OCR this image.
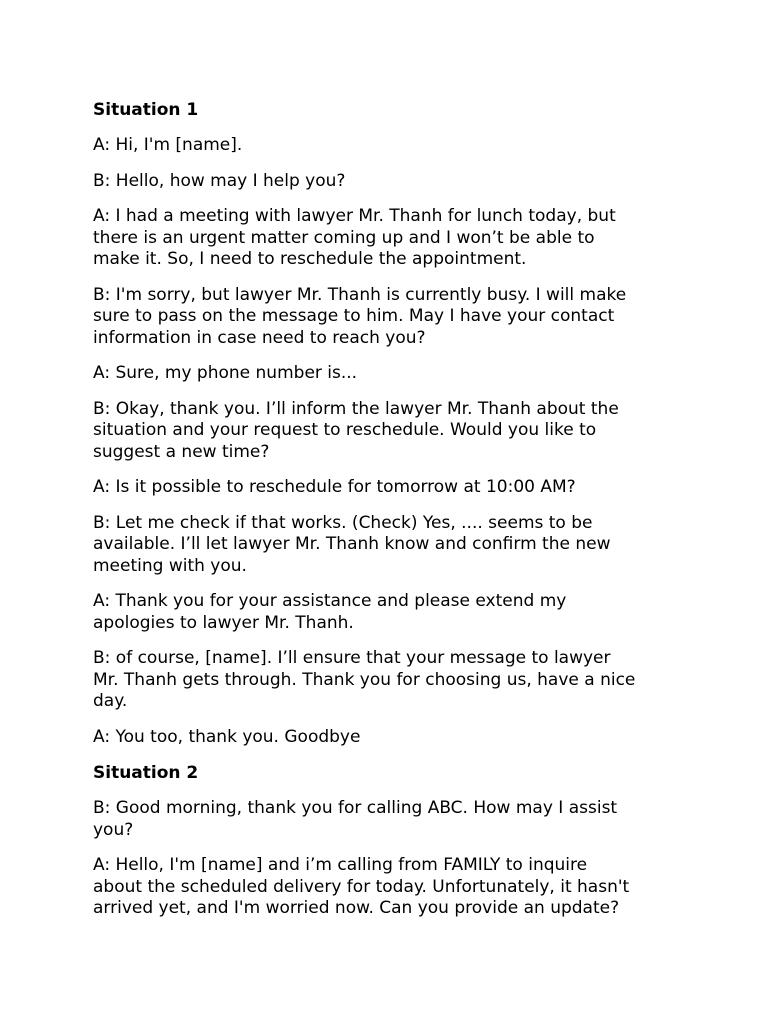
Situation 1

A: Hi, I'm [name].

B: Hello, how may I help you?

A: I had a meeting with lawyer Mr. Thanh for lunch today, but
there is an urgent matter coming up and I won’t be able to
make it. So, I need to reschedule the appointment.

B: I'm sorry, but lawyer Mr. Thanh is currently busy. I will make
sure to pass on the message to him. May I have your contact
information in case need to reach you?

A: Sure, my phone number is...

B: Okay, thank you. I’ll inform the lawyer Mr. Thanh about the
situation and your request to reschedule. Would you like to
suggest a new time?

A: Is it possible to reschedule for tomorrow at 10:00 AM?

B: Let me check if that works. (Check) Yes, .... seems to be
available. I’ll let lawyer Mr. Thanh know and confirm the new
meeting with you.

A: Thank you for your assistance and please extend my
apologies to lawyer Mr. Thanh.

B: of course, [name]. I’ll ensure that your message to lawyer
Mr. Thanh gets through. Thank you for choosing us, have a nice
day.

A: You too, thank you. Goodbye

Situation 2

B: Good morning, thank you for calling ABC. How may I assist
you?

A: Hello, I'm [name] and i’m calling from FAMILY to inquire
about the scheduled delivery for today. Unfortunately, it hasn't
arrived yet, and I'm worried now. Can you provide an update?
